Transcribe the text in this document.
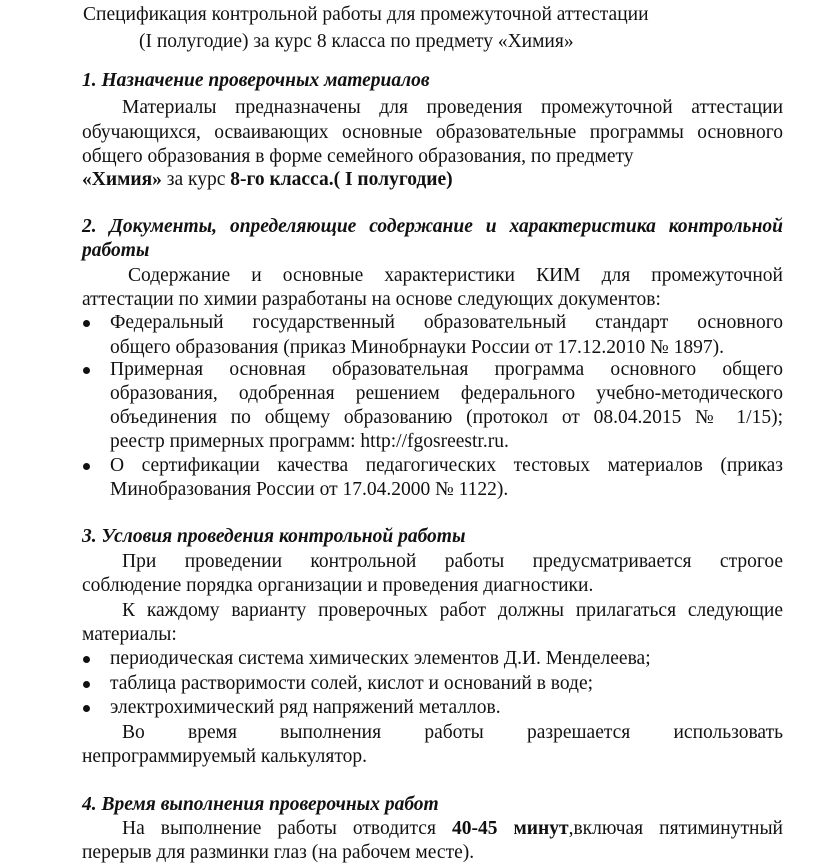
Спецификация контрольной работы для промежуточной аттестации
(I полугодие) за курс 8 класса по предмету «Химия»
1. Назначение проверочных материалов
Материалы предназначены для проведения промежуточной аттестации
обучающихся, осваивающих основные образовательные программы основного
общего образования в форме семейного образования, по предмету
«Химия» за курс 8-го класса.( I полугодие)
2. Документы, определяющие содержание и характеристика контрольной
работы
Содержание и основные характеристики КИМ для промежуточной
аттестации по химии разработаны на основе следующих документов:
Федеральный государственный образовательный стандарт основного
общего образования (приказ Минобрнауки России от 17.12.2010 № 1897).
Примерная основная образовательная программа основного общего
образования, одобренная решением федерального учебно-методического
объединения по общему образованию (протокол от 08.04.2015 № 1/15);
реестр примерных программ: http://fgosreestr.ru.
О сертификации качества педагогических тестовых материалов (приказ
Минобразования России от 17.04.2000 № 1122).
3. Условия проведения контрольной работы
При проведении контрольной работы предусматривается строгое
соблюдение порядка организации и проведения диагностики.
К каждому варианту проверочных работ должны прилагаться следующие
материалы:
периодическая система химических элементов Д.И. Менделеева;
таблица растворимости солей, кислот и оснований в воде;
электрохимический ряд напряжений металлов.
Во время выполнения работы разрешается использовать
непрограммируемый калькулятор.
4. Время выполнения проверочных работ
На выполнение работы отводится 40-45 минут,включая пятиминутный
перерыв для разминки глаз (на рабочем месте).
